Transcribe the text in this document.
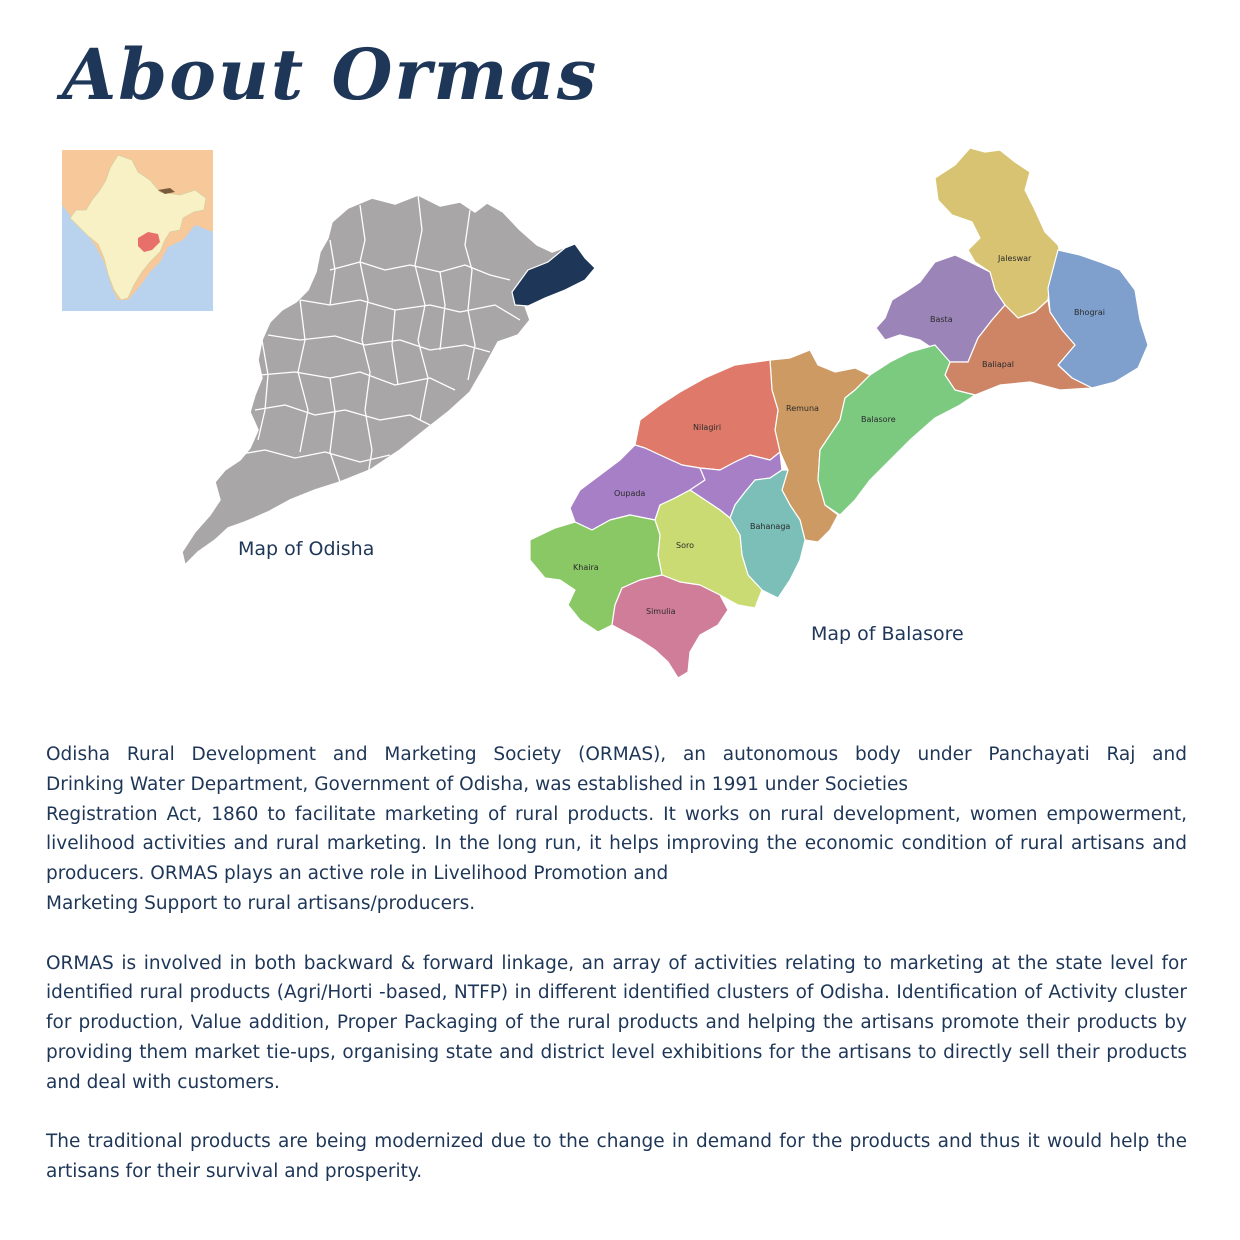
About Ormas
Jaleswar
Bhograi
Basta
Baliapal
Remuna
Nilagiri
Balasore
Oupada
Bahanaga
Soro
Khaira
Simulia
Map of Odisha
Map of Balasore

Odisha Rural Development and Marketing Society (ORMAS), an autonomous body under Panchayati Raj and

Drinking Water Department, Government of Odisha, was established in 1991 under Societies

Registration Act, 1860 to facilitate marketing of rural products. It works on rural development, women empowerment, livelihood activities and rural marketing. In the long run, it helps improving the economic condition of rural artisans and producers. ORMAS plays an active role in Livelihood Promotion and

Marketing Support to rural artisans/producers.

ORMAS is involved in both backward & forward linkage, an array of activities relating to marketing at the state level for identified rural products (Agri/Horti -based, NTFP) in different identified clusters of Odisha. Identification of Activity cluster for production, Value addition, Proper Packaging of the rural products and helping the artisans promote their products by providing them market tie-ups, organising state and district level exhibitions for the artisans to directly sell their products and deal with customers.

The traditional products are being modernized due to the change in demand for the products and thus it would help the artisans for their survival and prosperity.
